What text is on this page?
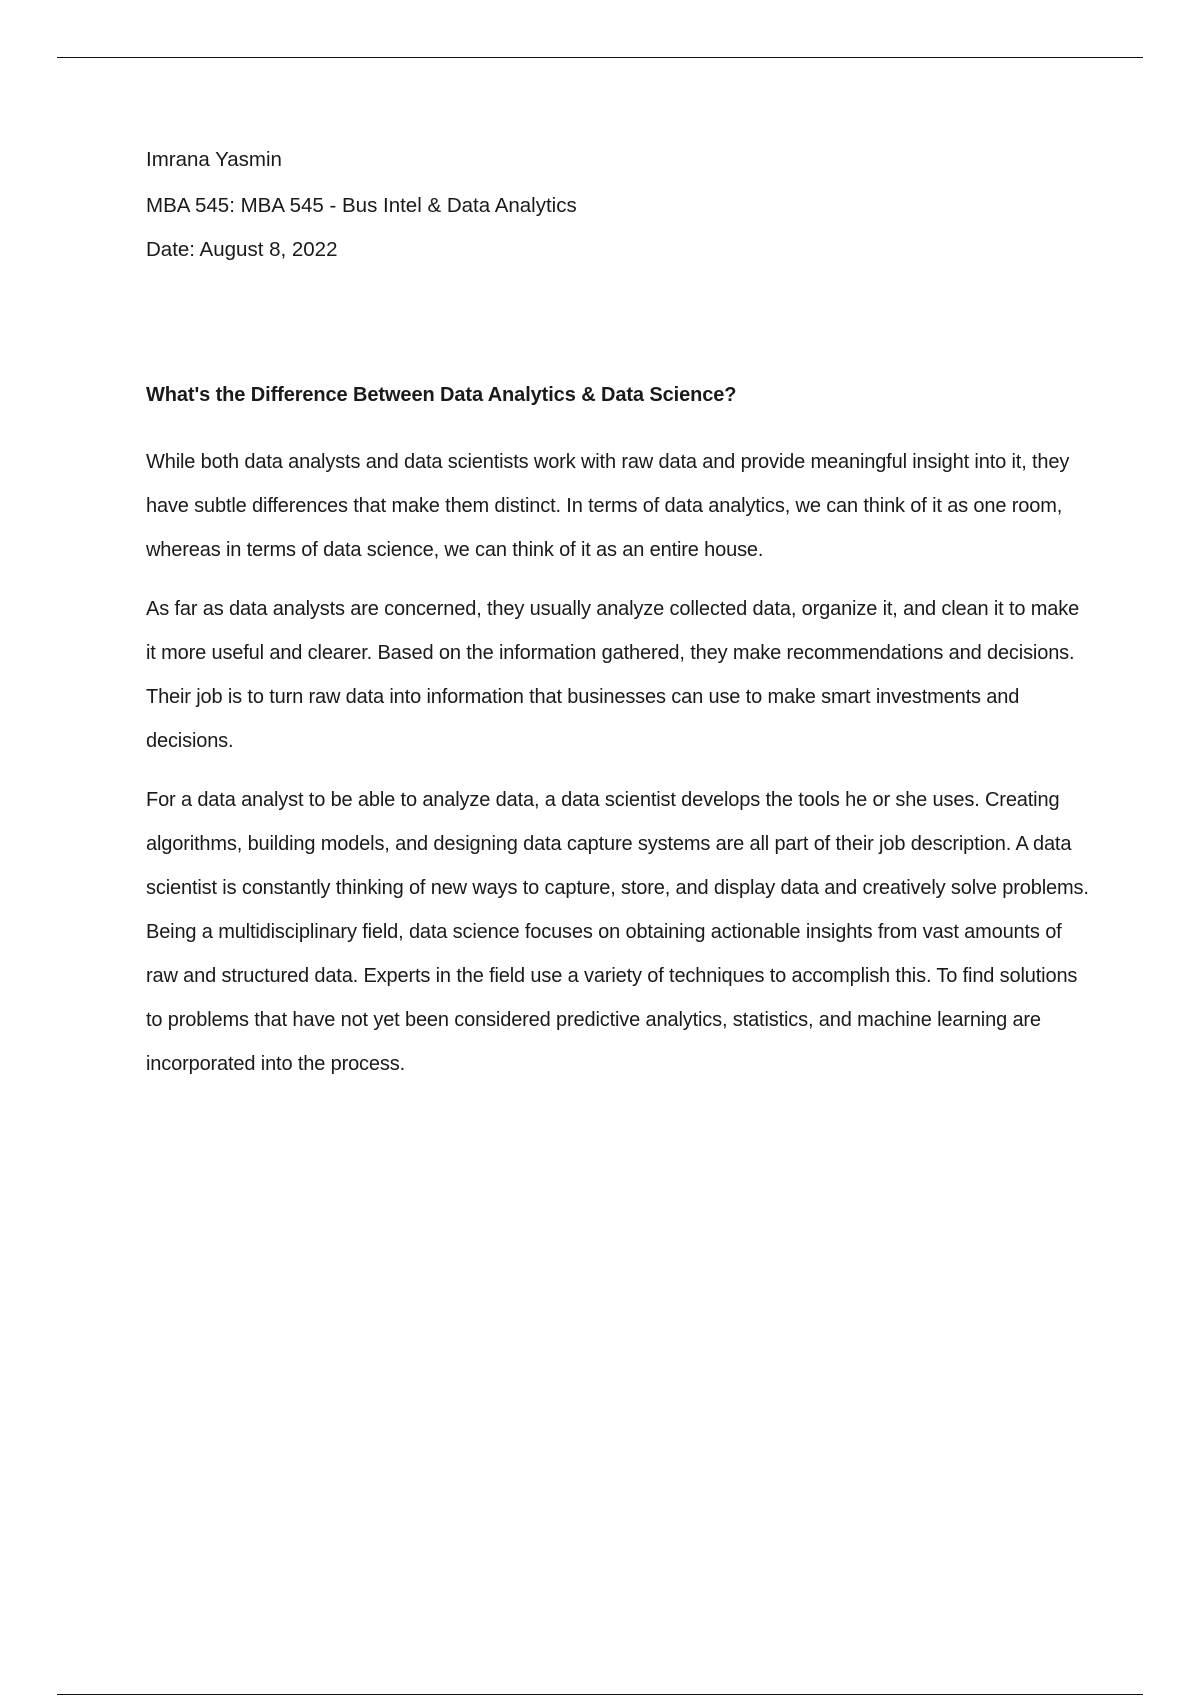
Imrana Yasmin
MBA 545: MBA 545 - Bus Intel & Data Analytics
Date: August 8, 2022
What's the Difference Between Data Analytics & Data Science?

While both data analysts and data scientists work with raw data and provide meaningful insight into it, they have subtle differences that make them distinct. In terms of data analytics, we can think of it as one room, whereas in terms of data science, we can think of it as an entire house.

As far as data analysts are concerned, they usually analyze collected data, organize it, and clean it to make it more useful and clearer. Based on the information gathered, they make recommendations and decisions. Their job is to turn raw data into information that businesses can use to make smart investments and decisions.

For a data analyst to be able to analyze data, a data scientist develops the tools he or she uses. Creating algorithms, building models, and designing data capture systems are all part of their job description. A data scientist is constantly thinking of new ways to capture, store, and display data and creatively solve problems. Being a multidisciplinary field, data science focuses on obtaining actionable insights from vast amounts of raw and structured data. Experts in the field use a variety of techniques to accomplish this. To find solutions to problems that have not yet been considered predictive analytics, statistics, and machine learning are incorporated into the process.
